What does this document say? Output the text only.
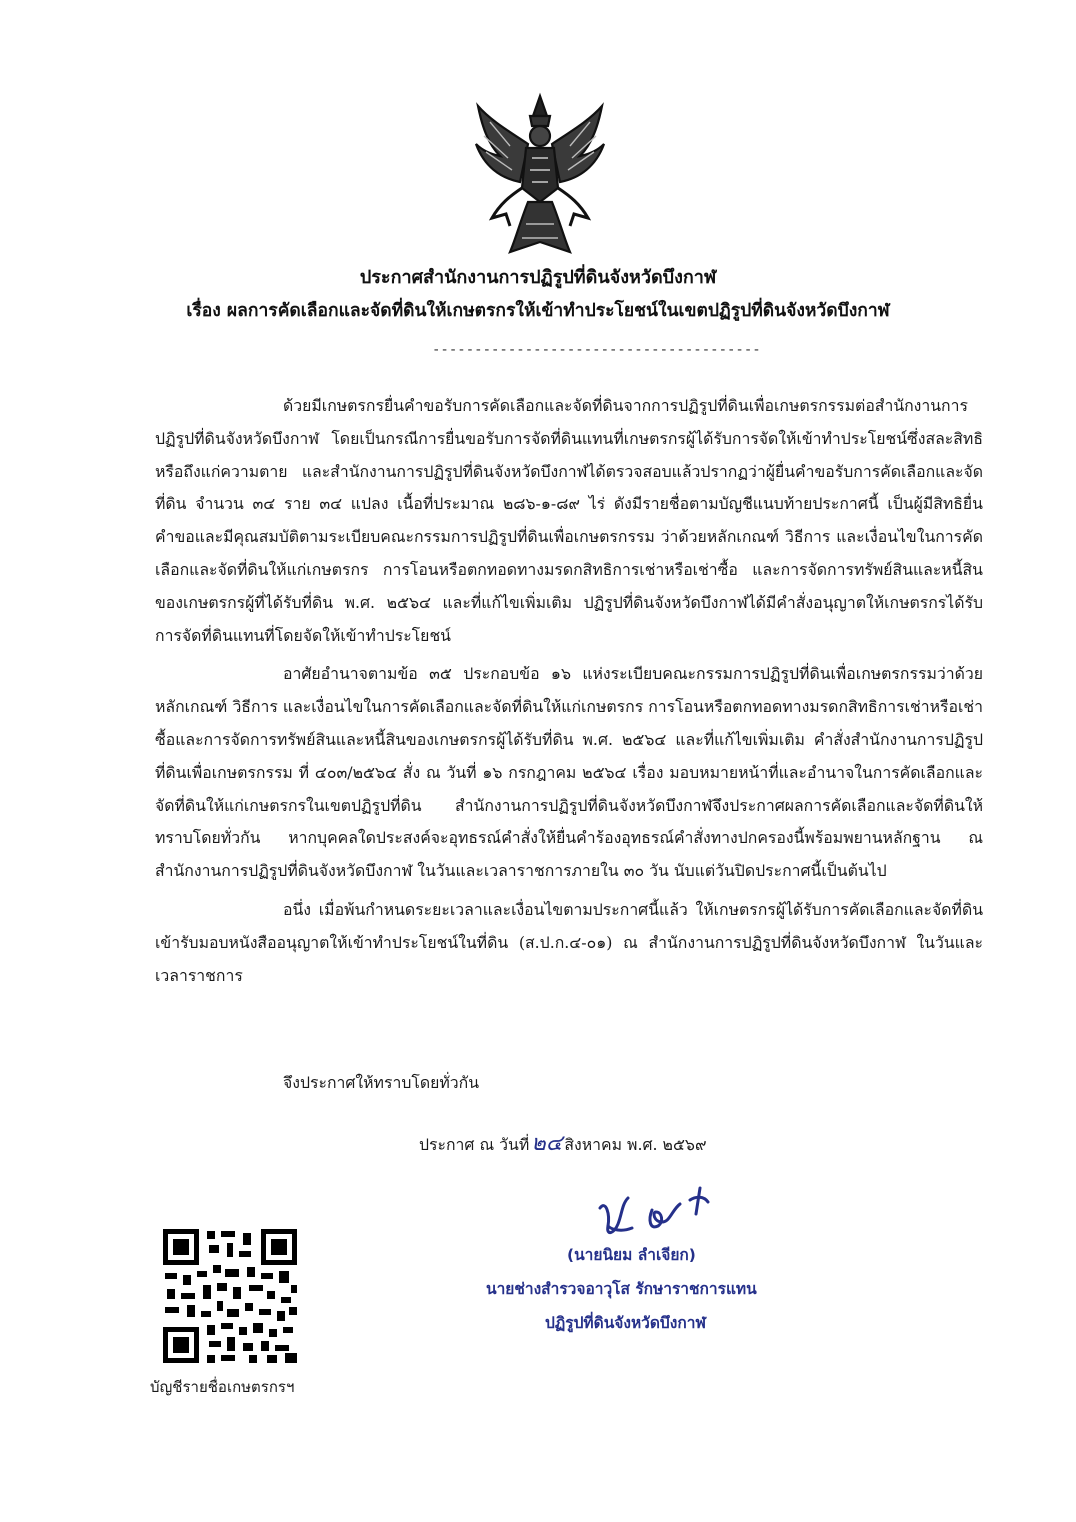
ประกาศสำนักงานการปฏิรูปที่ดินจังหวัดบึงกาฬ
เรื่อง ผลการคัดเลือกและจัดที่ดินให้เกษตรกรให้เข้าทำประโยชน์ในเขตปฏิรูปที่ดินจังหวัดบึงกาฬ
---------------------------------------

ด้วยมีเกษตรกรยื่นคำขอรับการคัดเลือกและจัดที่ดินจากการปฏิรูปที่ดินเพื่อเกษตรกรรมต่อสำนักงานการปฏิรูปที่ดินจังหวัดบึงกาฬ โดยเป็นกรณีการยื่นขอรับการจัดที่ดินแทนที่เกษตรกรผู้ได้รับการจัดให้เข้าทำประโยชน์ซึ่งสละสิทธิหรือถึงแก่ความตาย และสำนักงานการปฏิรูปที่ดินจังหวัดบึงกาฬได้ตรวจสอบแล้วปรากฏว่าผู้ยื่นคำขอรับการคัดเลือกและจัดที่ดิน จำนวน ๓๔ ราย ๓๔ แปลง เนื้อที่ประมาณ ๒๘๖-๑-๘๙ ไร่ ดังมีรายชื่อตามบัญชีแนบท้ายประกาศนี้ เป็นผู้มีสิทธิยื่นคำขอและมีคุณสมบัติตามระเบียบคณะกรรมการปฏิรูปที่ดินเพื่อเกษตรกรรม ว่าด้วยหลักเกณฑ์ วิธีการ และเงื่อนไขในการคัดเลือกและจัดที่ดินให้แก่เกษตรกร การโอนหรือตกทอดทางมรดกสิทธิการเช่าหรือเช่าซื้อ และการจัดการทรัพย์สินและหนี้สินของเกษตรกรผู้ที่ได้รับที่ดิน พ.ศ. ๒๕๖๔ และที่แก้ไขเพิ่มเติม ปฏิรูปที่ดินจังหวัดบึงกาฬได้มีคำสั่งอนุญาตให้เกษตรกรได้รับการจัดที่ดินแทนที่โดยจัดให้เข้าทำประโยชน์

อาศัยอำนาจตามข้อ ๓๕ ประกอบข้อ ๑๖ แห่งระเบียบคณะกรรมการปฏิรูปที่ดินเพื่อเกษตรกรรมว่าด้วยหลักเกณฑ์ วิธีการ และเงื่อนไขในการคัดเลือกและจัดที่ดินให้แก่เกษตรกร การโอนหรือตกทอดทางมรดกสิทธิการเช่าหรือเช่าซื้อและการจัดการทรัพย์สินและหนี้สินของเกษตรกรผู้ได้รับที่ดิน พ.ศ. ๒๕๖๔ และที่แก้ไขเพิ่มเติม คำสั่งสำนักงานการปฏิรูปที่ดินเพื่อเกษตรกรรม ที่ ๔๐๓/๒๕๖๔ สั่ง ณ วันที่ ๑๖ กรกฎาคม ๒๕๖๔ เรื่อง มอบหมายหน้าที่และอำนาจในการคัดเลือกและจัดที่ดินให้แก่เกษตรกรในเขตปฏิรูปที่ดิน สำนักงานการปฏิรูปที่ดินจังหวัดบึงกาฬจึงประกาศผลการคัดเลือกและจัดที่ดินให้ทราบโดยทั่วกัน หากบุคคลใดประสงค์จะอุทธรณ์คำสั่งให้ยื่นคำร้องอุทธรณ์คำสั่งทางปกครองนี้พร้อมพยานหลักฐาน ณ สำนักงานการปฏิรูปที่ดินจังหวัดบึงกาฬ ในวันและเวลาราชการภายใน ๓๐ วัน นับแต่วันปิดประกาศนี้เป็นต้นไป

อนึ่ง เมื่อพ้นกำหนดระยะเวลาและเงื่อนไขตามประกาศนี้แล้ว ให้เกษตรกรผู้ได้รับการคัดเลือกและจัดที่ดินเข้ารับมอบหนังสืออนุญาตให้เข้าทำประโยชน์ในที่ดิน (ส.ป.ก.๔-๐๑) ณ สำนักงานการปฏิรูปที่ดินจังหวัดบึงกาฬ ในวันและเวลาราชการ

จึงประกาศให้ทราบโดยทั่วกัน
ประกาศ ณ วันที่๒๔ สิงหาคม พ.ศ. ๒๕๖๙
(นายนิยม ลำเจียก)
นายช่างสำรวจอาวุโส รักษาราชการแทน
ปฏิรูปที่ดินจังหวัดบึงกาฬ
บัญชีรายชื่อเกษตรกรฯ
